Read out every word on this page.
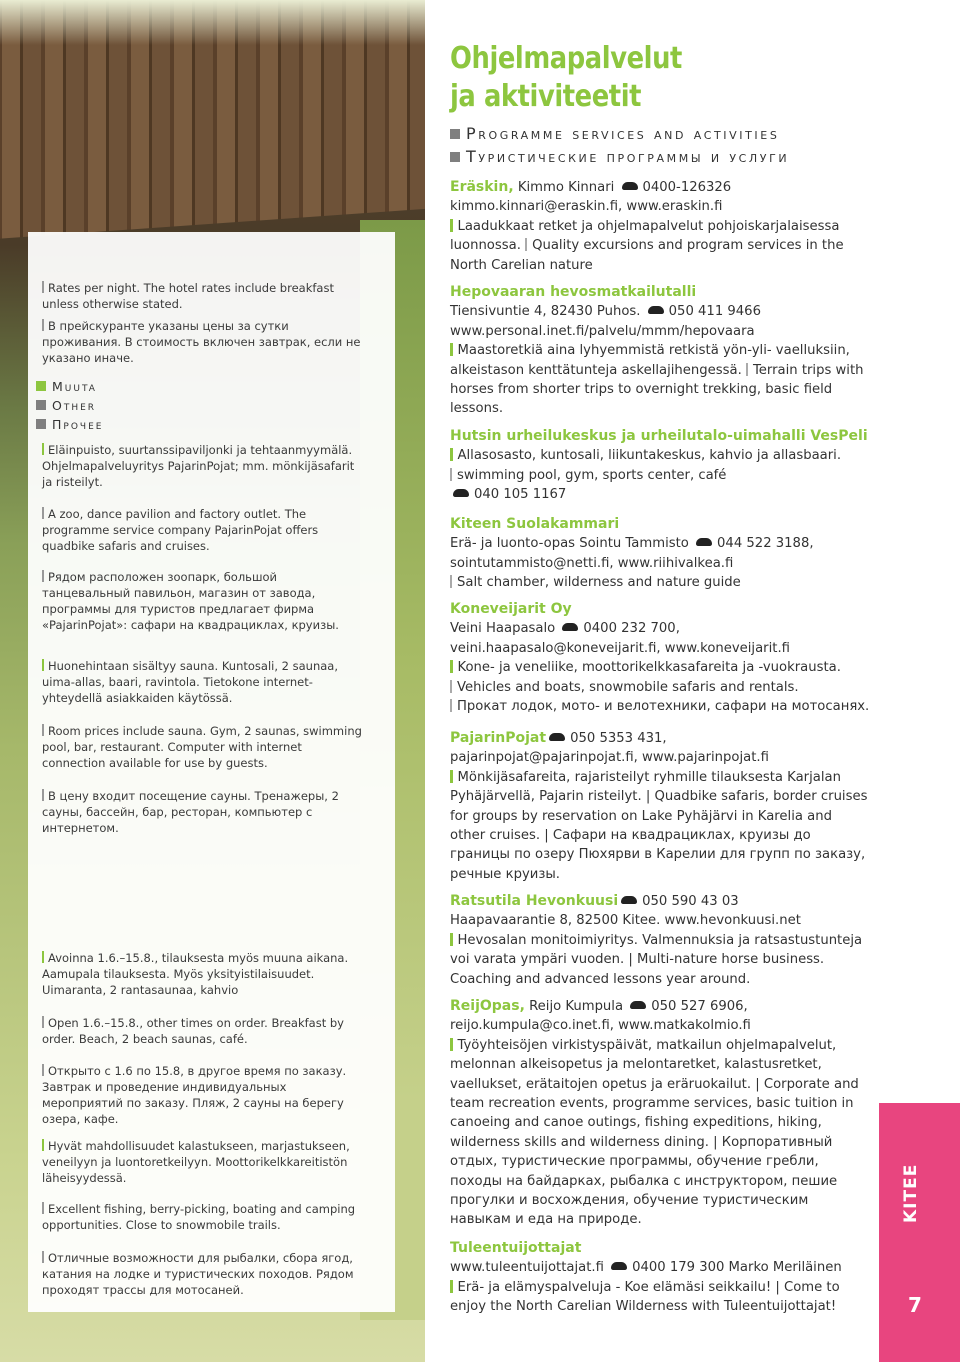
Rates per night. The hotel rates include breakfast unless otherwise stated.

В прейскуранте указаны цены за сутки проживания. В стоимость включен завтрак, если не указано иначе.

Muuta
Other
Прочее

Eläinpuisto, suurtanssipaviljonki ja tehtaanmyymälä. Ohjelmapalveluyritys PajarinPojat; mm. mönkijäsafarit ja risteilyt.

A zoo, dance pavilion and factory outlet. The programme service company PajarinPojat offers quadbike safaris and cruises.

Рядом расположен зоопарк, большой танцевальный павильон, магазин от завода, программы для туристов предлагает фирма «PajarinPojat»: сафари на квадрациклах, круизы.

Huonehintaan sisältyy sauna. Kuntosali, 2 saunaa, uima-allas, baari, ravintola. Tietokone internet-yhteydellä asiakkaiden käytössä.

Room prices include sauna. Gym, 2 saunas, swimming pool, bar, restaurant. Computer with internet connection available for use by guests.

В цену входит посещение сауны. Тренажеры, 2 сауны, бассейн, бар, ресторан, компьютер с интернетом.

Avoinna 1.6.–15.8., tilauksesta myös muuna aikana. Aamupala tilauksesta. Myös yksityistilaisuudet. Uimaranta, 2 rantasaunaa, kahvio

Open 1.6.–15.8., other times on order. Breakfast by order. Beach, 2 beach saunas, café.

Открыто с 1.6 по 15.8, в другое время по заказу. Завтрак и проведение индивидуальных мероприятий по заказу. Пляж, 2 сауны на берегу озера, кафе.

Hyvät mahdollisuudet kalastukseen, marjastukseen, veneilyyn ja luontoretkeilyyn. Moottorikelkkareitistön läheisyydessä.

Excellent fishing, berry-picking, boating and camping opportunities. Close to snowmobile trails.

Отличные возможности для рыбалки, сбора ягод, катания на лодке и туристических походов. Рядом проходят трассы для мотосаней.

Ohjelmapalvelut
ja aktiviteetit
Programme services and activities
Туристические программы и услуги
Eräskin, Kimmo Kinnari 0400-126326
kimmo.kinnari@eraskin.fi, www.eraskin.fi
Laadukkaat retket ja ohjelmapalvelut pohjoiskarjalaisessa luonnossa. Quality excursions and program services in the North Carelian nature
Hepovaaran hevosmatkailutalli
Tiensivuntie 4, 82430 Puhos. 050 411 9466
www.personal.inet.fi/palvelu/mmm/hepovaara
Maastoretkiä aina lyhyemmistä retkistä yön-yli- vaelluksiin, alkeistason kenttätunteja askellajihengessä. Terrain trips with horses from shorter trips to overnight trekking, basic field lessons.
Hutsin urheilukeskus ja urheilutalo-uimahalli VesPeli
Allasosasto, kuntosali, liikuntakeskus, kahvio ja allasbaari.
swimming pool, gym, sports center, café
040 105 1167
Kiteen Suolakammari
Erä- ja luonto-opas Sointu Tammisto 044 522 3188,
sointutammisto@netti.fi, www.riihivalkea.fi
Salt chamber, wilderness and nature guide
Koneveijarit Oy
Veini Haapasalo 0400 232 700,
veini.haapasalo@koneveijarit.fi, www.koneveijarit.fi
Kone- ja veneliike, moottorikelkkasafareita ja -vuokrausta.
Vehicles and boats, snowmobile safaris and rentals.
Прокат лодок, мото- и велотехники, сафари на мотосанях.
PajarinPojat 050 5353 431,
pajarinpojat@pajarinpojat.fi, www.pajarinpojat.fi
Mönkijäsafareita, rajaristeilyt ryhmille tilauksesta Karjalan Pyhäjärvellä, Pajarin risteilyt. | Quadbike safaris, border cruises for groups by reservation on Lake Pyhäjärvi in Karelia and other cruises. | Сафари на квадрациклах, круизы до границы по озеру Пюхярви в Карелии для групп по заказу, речные круизы.
Ratsutila Hevonkuusi 050 590 43 03
Haapavaarantie 8, 82500 Kitee. www.hevonkuusi.net
Hevosalan monitoimiyritys. Valmennuksia ja ratsastustunteja voi varata ympäri vuoden. | Multi-nature horse business. Coaching and advanced lessons year around.
ReijOpas, Reijo Kumpula 050 527 6906,
reijo.kumpula@co.inet.fi, www.matkakolmio.fi
Työyhteisöjen virkistyspäivät, matkailun ohjelmapalvelut, melonnan alkeisopetus ja melontaretket, kalastusretket, vaellukset, erätaitojen opetus ja eräruokailut. | Corporate and team recreation events, programme services, basic tuition in canoeing and canoe outings, fishing expeditions, hiking, wilderness skills and wilderness dining. | Корпоративный отдых, туристические программы, обучение гребли, походы на байдарках, рыбалка с инструктором, пешие прогулки и восхождения, обучение туристическим навыкам и еда на природе.
Tuleentuijottajat
www.tuleentuijottajat.fi 0400 179 300 Marko Meriläinen
Erä- ja elämyspalveluja - Koe elämäsi seikkailu! | Come to enjoy the North Carelian Wilderness with Tuleentuijottajat!
KITEE
7
